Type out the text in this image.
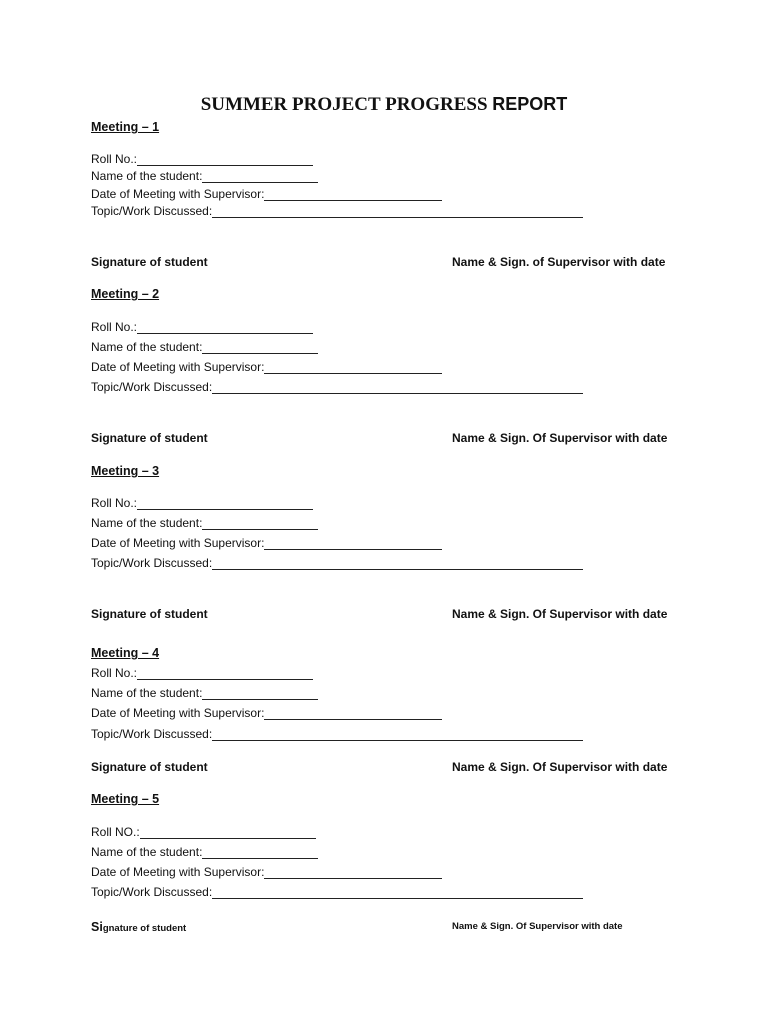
SUMMER PROJECT PROGRESS REPORT
Meeting – 1
Roll No.:
Name of the student:
Date of Meeting with Supervisor:
Topic/Work Discussed:
Signature of student	Name & Sign. of Supervisor with date
Meeting – 2
Roll No.:
Name of the student:
Date of Meeting with Supervisor:
Topic/Work Discussed:
Signature of student	Name & Sign. Of Supervisor with date
Meeting – 3
Roll No.:
Name of the student:
Date of Meeting with Supervisor:
Topic/Work Discussed:
Signature of student	Name & Sign. Of Supervisor with date
Meeting – 4
Roll No.:
Name of the student:
Date of Meeting with Supervisor:
Topic/Work Discussed:
Signature of student	Name & Sign. Of Supervisor with date
Meeting – 5
Roll NO.:
Name of the student:
Date of Meeting with Supervisor:
Topic/Work Discussed:
Signature of student	Name & Sign. Of Supervisor with date
